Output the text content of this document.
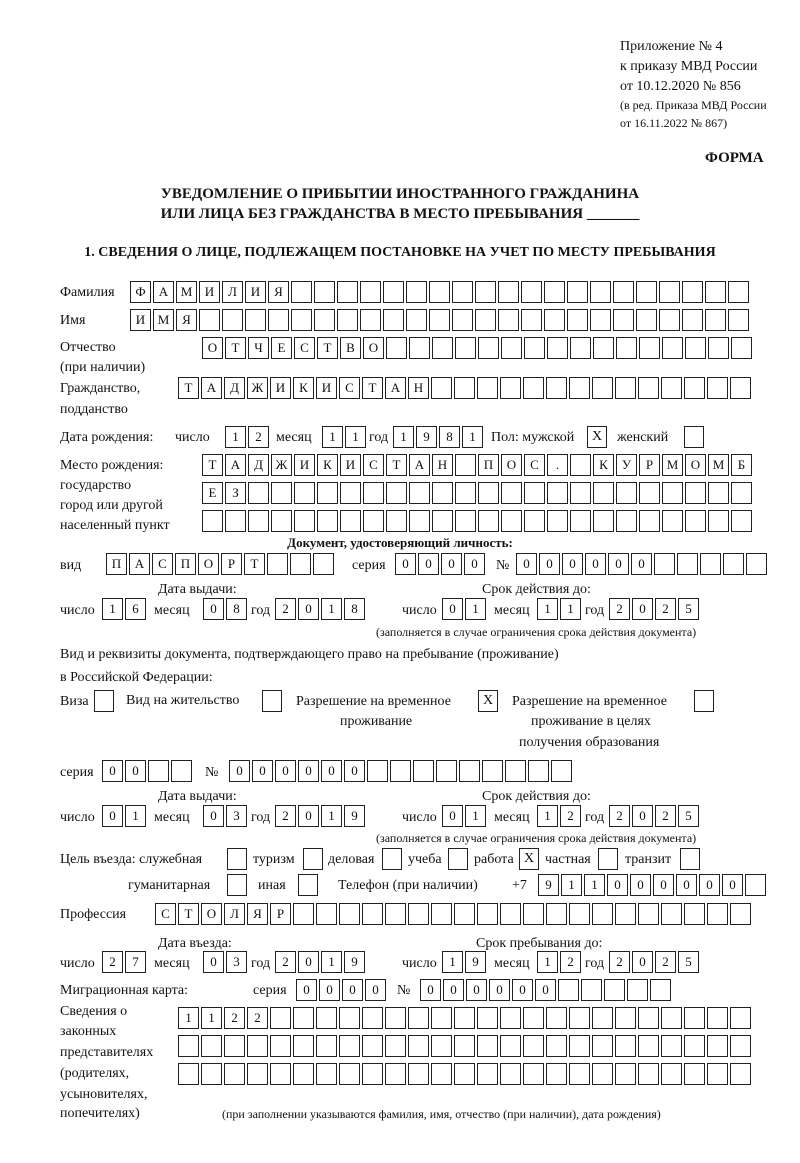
Приложение № 4
к приказу МВД России
от 10.12.2020 № 856
(в ред. Приказа МВД России
от 16.11.2022 № 867)
ФОРМА
УВЕДОМЛЕНИЕ О ПРИБЫТИИ ИНОСТРАННОГО ГРАЖДАНИНА
ИЛИ ЛИЦА БЕЗ ГРАЖДАНСТВА В МЕСТО ПРЕБЫВАНИЯ _______
1. СВЕДЕНИЯ О ЛИЦЕ, ПОДЛЕЖАЩЕМ ПОСТАНОВКЕ НА УЧЕТ ПО МЕСТУ ПРЕБЫВАНИЯ
Фамилия	Ф	А М И	Л	И	Я
Имя	И М Я
Отчество
(при наличии)
О	Т	Ч	Е	С	Т	В	О
Гражданство,
подданство
Т	А	Д Ж И	К	И	С	Т	А	Н
Дата рождения: число	1	2	месяц	1	1 год 1	9	8	1	Пол: мужской	X	женский
Место рождения:
государство
город или другой
населенный пункт
Т	А	Д Ж И	К	И	С	Т	А	Н	П	О	С	.	К	У	Р	М О М	Б
Е	З
Документ, удостоверяющий личность:
вид	П	А	С	П	О	Р	Т	серия	0	0	0	0	№	0	0	0	0	0	0
Дата выдачи:	Срок действия до:
число	1	6	месяц	0	8 год 2	0	1	8	число 0	1	месяц	1	1 год 2	0	2	5
(заполняется в случае ограничения срока действия документа)
Вид и реквизиты документа, подтверждающего право на пребывание (проживание)
в Российской Федерации:
Виза	Вид на жительство	Разрешение на временное
проживание
X	Разрешение на временное
проживание в целях
получения образования
серия	0	0	№	0	0	0	0	0	0
Дата выдачи:	Срок действия до:
число	0	1	месяц	0	3 год 2	0	1	9	число 0	1	месяц	1	2 год 2	0	2	5
(заполняется в случае ограничения срока действия документа)
Цель въезда: служебная	туризм деловая учеба работа X частная транзит
гуманитарная	иная	Телефон (при наличии) +7	9	1	1	0	0	0	0	0	0
Профессия	С	Т	О	Л	Я	Р
Дата въезда:	Срок пребывания до:
число	2	7	месяц	0	3 год 2	0	1	9	число 1	9	месяц	1	2 год 2	0	2	5
Миграционная карта:	серия	0	0	0	0	№	0	0	0	0	0	0
Сведения о
законных
представителях
(родителях,
усыновителях,
попечителях)
1	1	2	2
(при заполнении указываются фамилия, имя, отчество (при наличии), дата рождения)
